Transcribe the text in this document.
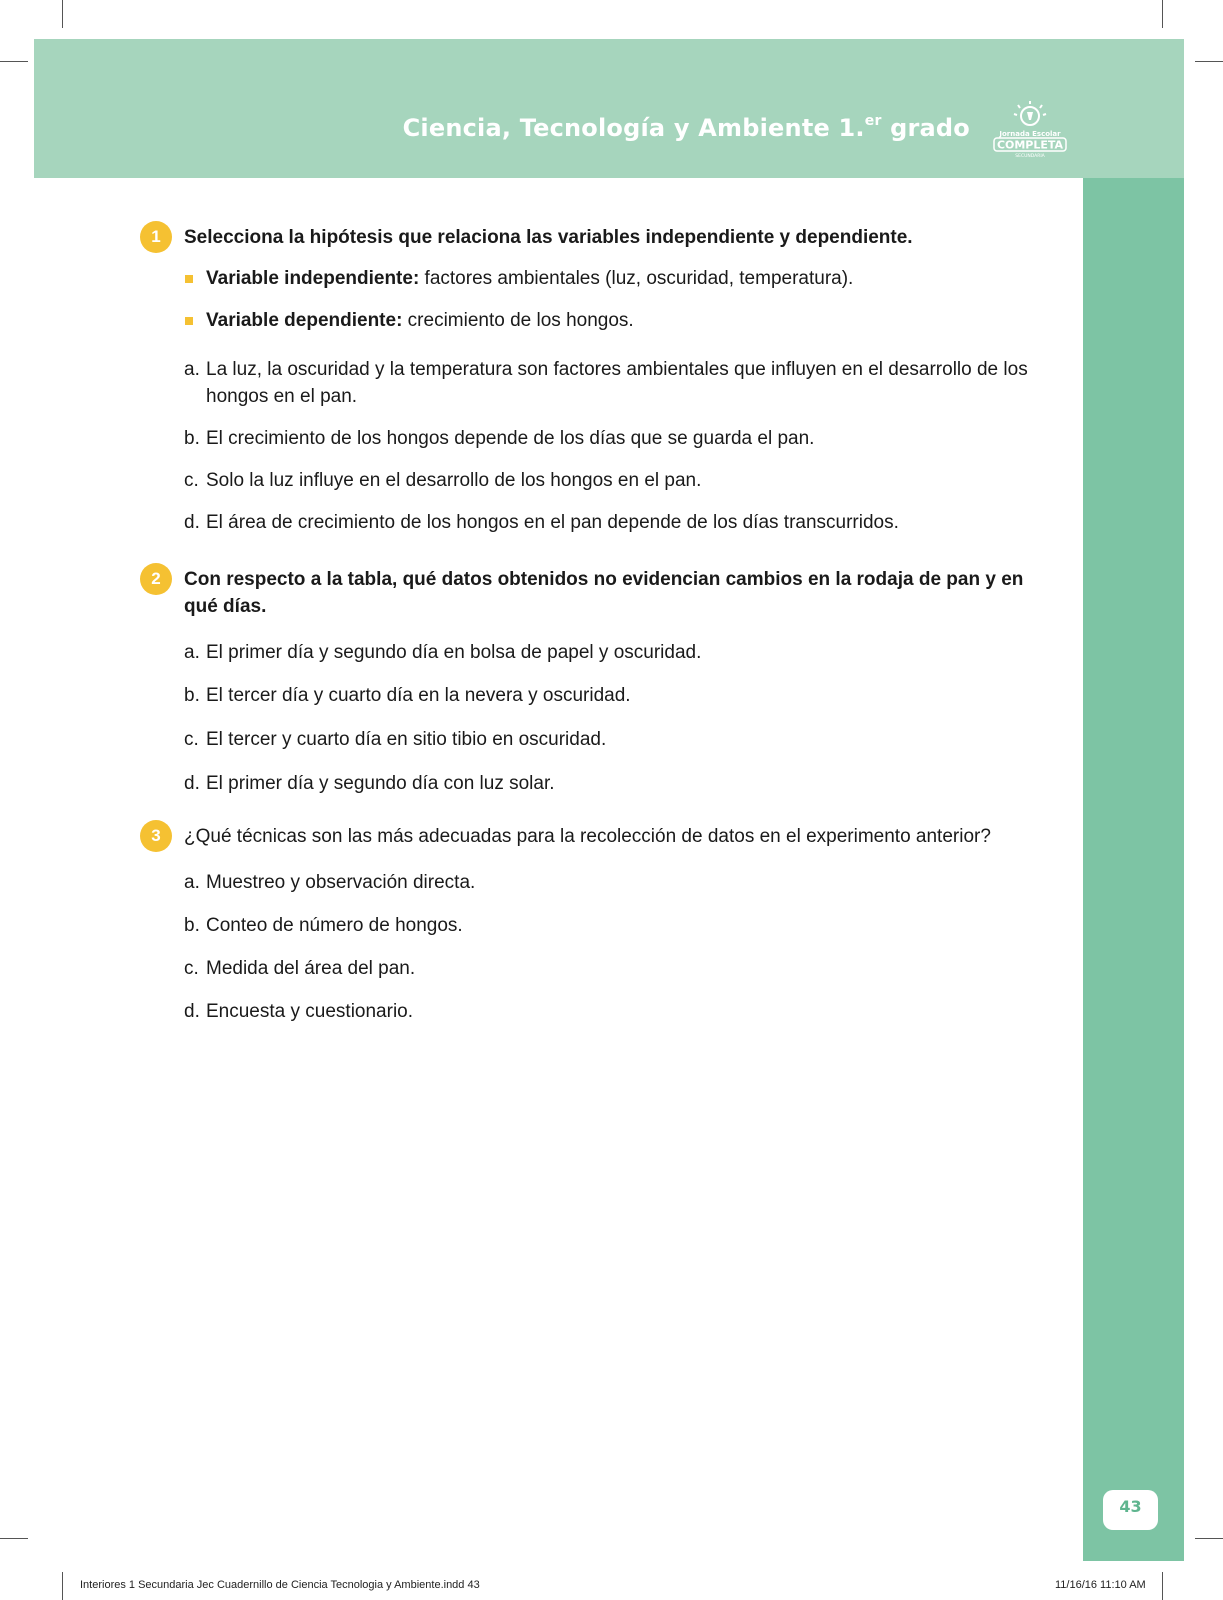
Ciencia, Tecnología y Ambiente 1.$^{er}$ grado	Jornada Escolar
COMPLETA
SECUNDARIA
43
1	Selecciona la hipótesis que relaciona las variables independiente y dependiente.
Variable independiente: factores ambientales (luz, oscuridad, temperatura).
Variable dependiente: crecimiento de los hongos.
a. La luz, la oscuridad y la temperatura son factores ambientales que influyen en el desarrollo de los hongos en el pan.
b. El crecimiento de los hongos depende de los días que se guarda el pan.
c. Solo la luz influye en el desarrollo de los hongos en el pan.
d. El área de crecimiento de los hongos en el pan depende de los días transcurridos.
2	Con respecto a la tabla, qué datos obtenidos no evidencian cambios en la rodaja de pan y en qué días.
a. El primer día y segundo día en bolsa de papel y oscuridad.
b. El tercer día y cuarto día en la nevera y oscuridad.
c. El tercer y cuarto día en sitio tibio en oscuridad.
d. El primer día y segundo día con luz solar.
3	¿Qué técnicas son las más adecuadas para la recolección de datos en el experimento anterior?
a. Muestreo y observación directa.
b. Conteo de número de hongos.
c. Medida del área del pan.
d. Encuesta y cuestionario.
Interiores 1 Secundaria Jec Cuadernillo de Ciencia Tecnologia y Ambiente.indd 43	11/16/16 11:10 AM
